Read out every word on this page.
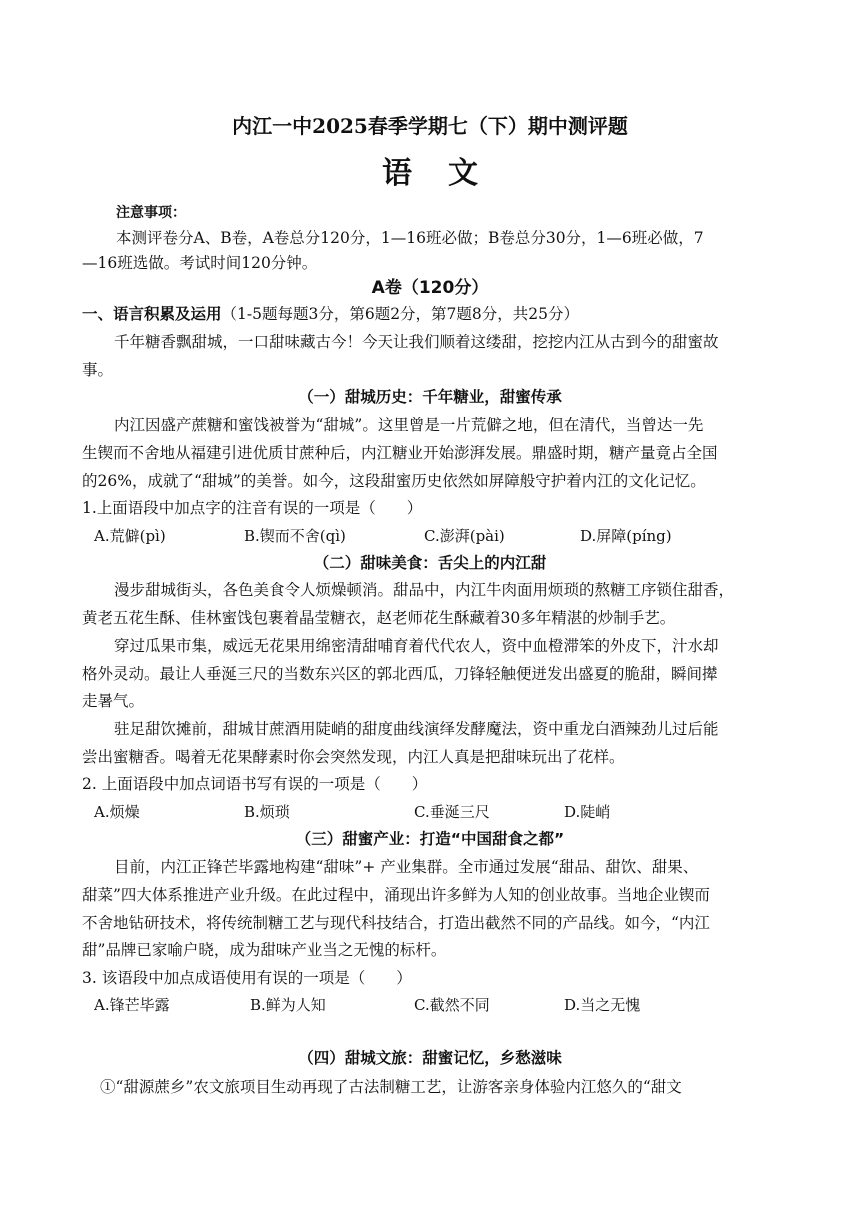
内江一中2025春季学期七（下）期中测评题
语文
注意事项：
本测评卷分A、B卷，A卷总分120分，1—16班必做；B卷总分30分，1—6班必做，7
—16班选做。考试时间120分钟。
A卷（120分）
一、语言积累及运用（1-5题每题3分，第6题2分，第7题8分，共25分）
千年糖香飘甜城，一口甜味藏古今！今天让我们顺着这缕甜，挖挖内江从古到今的甜蜜故
事。
（一）甜城历史：千年糖业，甜蜜传承
内江因盛产蔗糖和蜜饯被誉为“甜城”。这里曾是一片荒僻之地，但在清代，当曾达一先
生锲而不舍地从福建引进优质甘蔗种后，内江糖业开始澎湃发展。鼎盛时期，糖产量竟占全国
的26%，成就了“甜城”的美誉。如今，这段甜蜜历史依然如屏障般守护着内江的文化记忆。
1.上面语段中加点字的注音有误的一项是（　　）
A.荒僻(pì)	B.锲而不舍(qì)	C.澎湃(pài)	D.屏障(píng)
（二）甜味美食：舌尖上的内江甜
漫步甜城街头，各色美食令人烦燥顿消。甜品中，内江牛肉面用烦琐的熬糖工序锁住甜香，
黄老五花生酥、佳林蜜饯包裹着晶莹糖衣，赵老师花生酥藏着30多年精湛的炒制手艺。
穿过瓜果市集，威远无花果用绵密清甜哺育着代代农人，资中血橙滞笨的外皮下，汁水却
格外灵动。最让人垂涎三尺的当数东兴区的郭北西瓜，刀锋轻触便迸发出盛夏的脆甜，瞬间撵
走暑气。
驻足甜饮摊前，甜城甘蔗酒用陡峭的甜度曲线演绎发酵魔法，资中重龙白酒辣劲儿过后能
尝出蜜糖香。喝着无花果酵素时你会突然发现，内江人真是把甜味玩出了花样。
2. 上面语段中加点词语书写有误的一项是（　　）
A.烦燥	B.烦琐	C.垂涎三尺	D.陡峭
（三）甜蜜产业：打造“中国甜食之都”
目前，内江正锋芒毕露地构建“甜味”+ 产业集群。全市通过发展“甜品、甜饮、甜果、
甜菜”四大体系推进产业升级。在此过程中，涌现出许多鲜为人知的创业故事。当地企业锲而
不舍地钻研技术，将传统制糖工艺与现代科技结合，打造出截然不同的产品线。如今，“内江
甜”品牌已家喻户晓，成为甜味产业当之无愧的标杆。
3. 该语段中加点成语使用有误的一项是（　　）
A.锋芒毕露	B.鲜为人知	C.截然不同	D.当之无愧
（四）甜城文旅：甜蜜记忆，乡愁滋味
①“甜源蔗乡”农文旅项目生动再现了古法制糖工艺，让游客亲身体验内江悠久的“甜文
